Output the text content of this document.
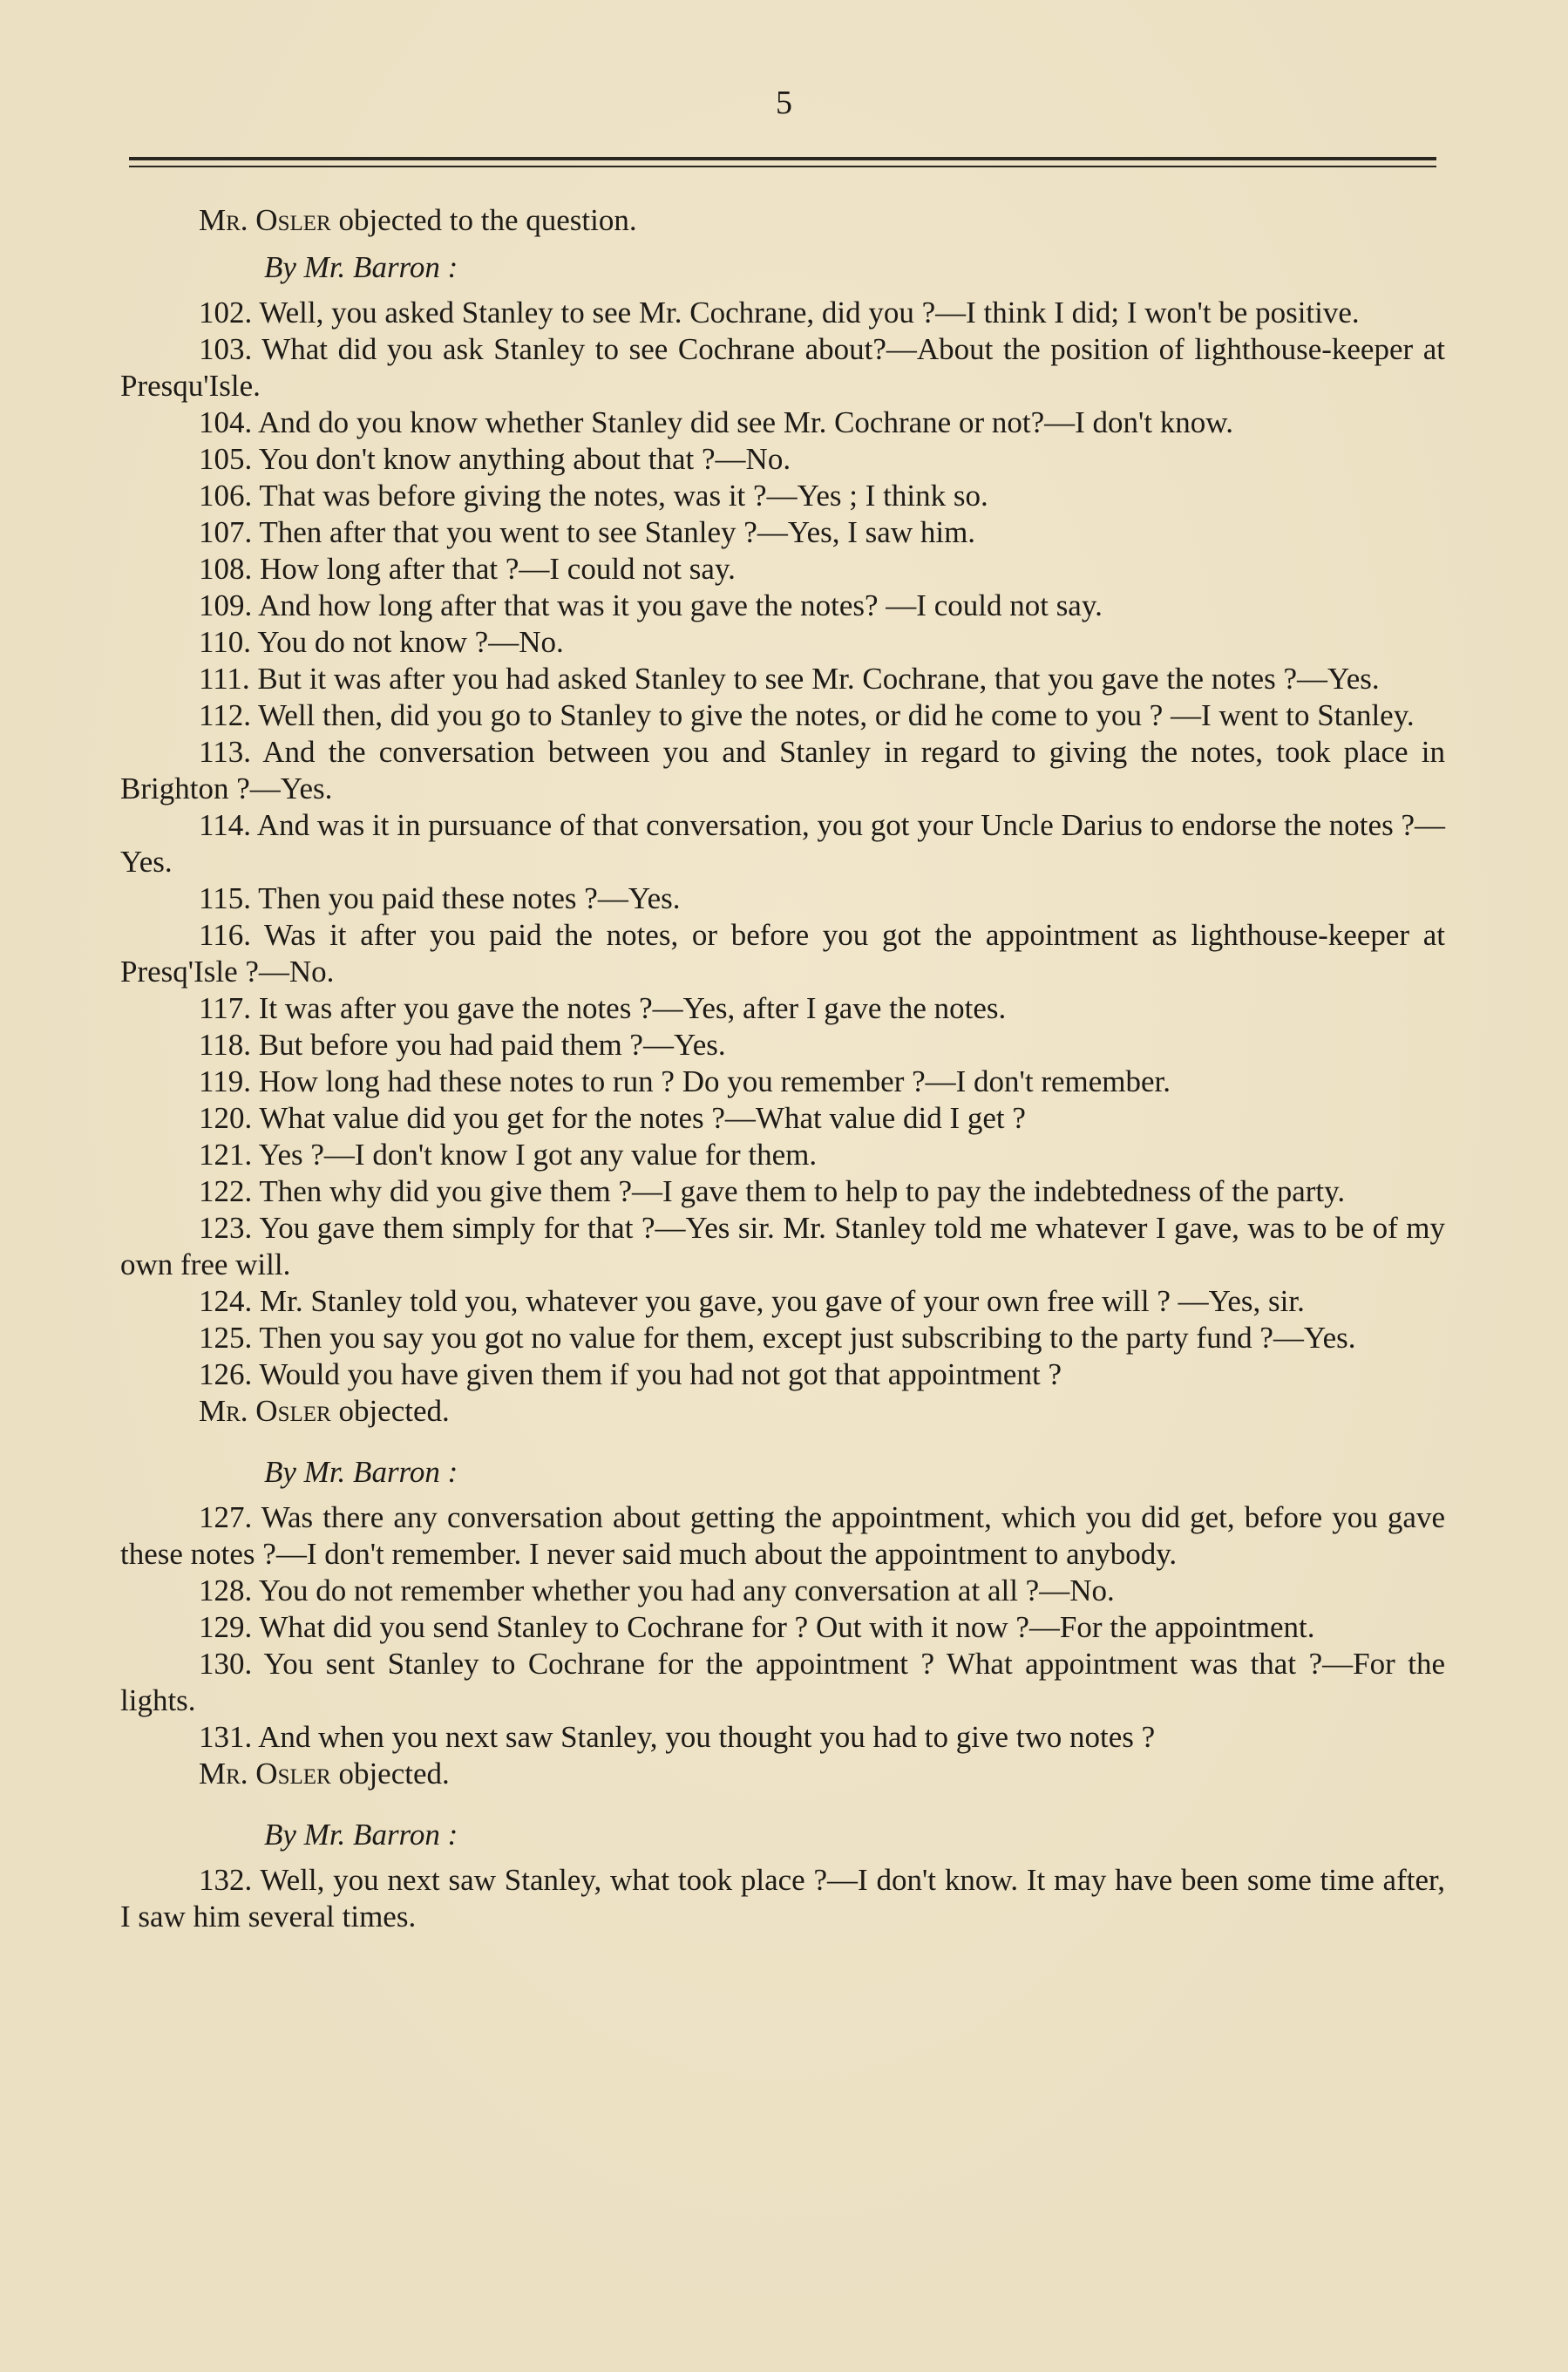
5

Mr. Osler objected to the question.

By Mr. Barron :

102. Well, you asked Stanley to see Mr. Cochrane, did you ?—I think I did; I won't be positive.

103. What did you ask Stanley to see Cochrane about?—About the position of lighthouse-keeper at Presqu'Isle.

104. And do you know whether Stanley did see Mr. Cochrane or not?—I don't know.

105. You don't know anything about that ?—No.

106. That was before giving the notes, was it ?—Yes ; I think so.

107. Then after that you went to see Stanley ?—Yes, I saw him.

108. How long after that ?—I could not say.

109. And how long after that was it you gave the notes? —I could not say.

110. You do not know ?—No.

111. But it was after you had asked Stanley to see Mr. Cochrane, that you gave the notes ?—Yes.

112. Well then, did you go to Stanley to give the notes, or did he come to you ? —I went to Stanley.

113. And the conversation between you and Stanley in regard to giving the notes, took place in Brighton ?—Yes.

114. And was it in pursuance of that conversation, you got your Uncle Darius to endorse the notes ?—Yes.

115. Then you paid these notes ?—Yes.

116. Was it after you paid the notes, or before you got the appointment as lighthouse-keeper at Presq'Isle ?—No.

117. It was after you gave the notes ?—Yes, after I gave the notes.

118. But before you had paid them ?—Yes.

119. How long had these notes to run ? Do you remember ?—I don't remember.

120. What value did you get for the notes ?—What value did I get ?

121. Yes ?—I don't know I got any value for them.

122. Then why did you give them ?—I gave them to help to pay the indebtedness of the party.

123. You gave them simply for that ?—Yes sir. Mr. Stanley told me whatever I gave, was to be of my own free will.

124. Mr. Stanley told you, whatever you gave, you gave of your own free will ? —Yes, sir.

125. Then you say you got no value for them, except just subscribing to the party fund ?—Yes.

126. Would you have given them if you had not got that appointment ?

Mr. Osler objected.

By Mr. Barron :

127. Was there any conversation about getting the appointment, which you did get, before you gave these notes ?—I don't remember. I never said much about the appointment to anybody.

128. You do not remember whether you had any conversation at all ?—No.

129. What did you send Stanley to Cochrane for ? Out with it now ?—For the appointment.

130. You sent Stanley to Cochrane for the appointment ? What appointment was that ?—For the lights.

131. And when you next saw Stanley, you thought you had to give two notes ?

Mr. Osler objected.

By Mr. Barron :

132. Well, you next saw Stanley, what took place ?—I don't know. It may have been some time after, I saw him several times.
